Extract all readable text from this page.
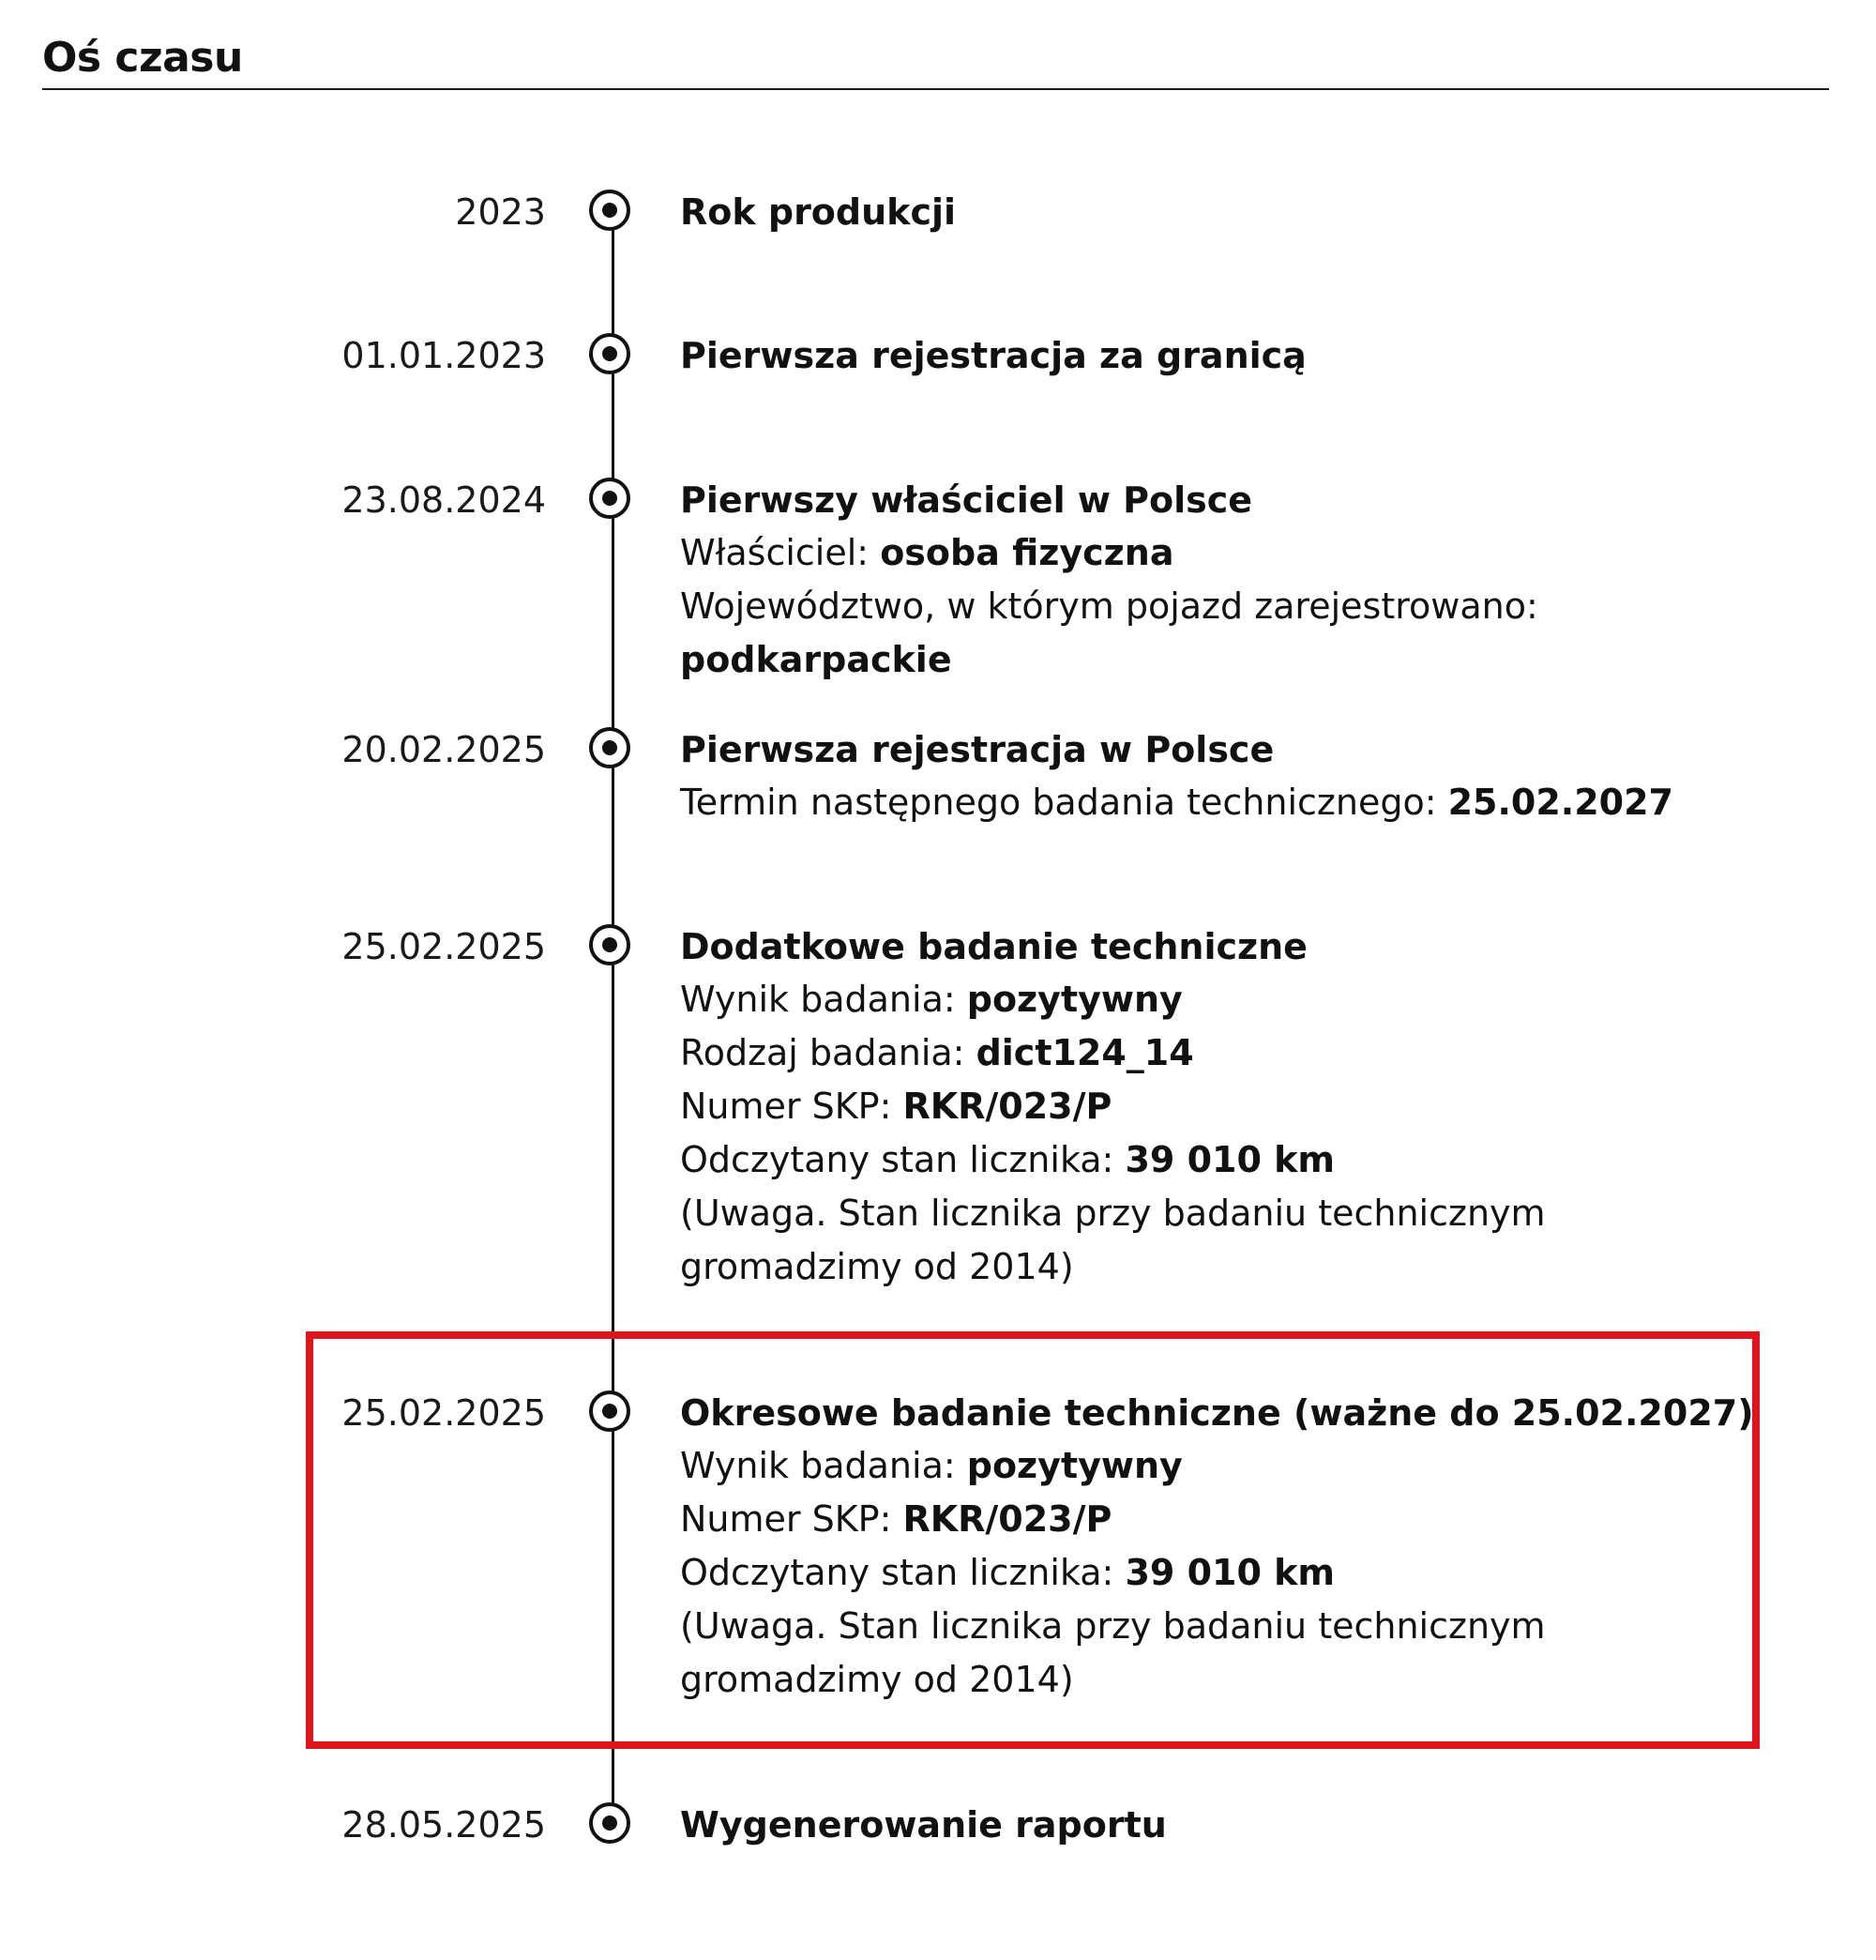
Oś czasu
2023	Rok produkcji

01.01.2023	Pierwsza rejestracja za granicą

23.08.2024	Pierwszy właściciel w Polsce

Właściciel: osoba fizyczna

Województwo, w którym pojazd zarejestrowano: podkarpackie

20.02.2025	Pierwsza rejestracja w Polsce

Termin następnego badania technicznego: 25.02.2027

25.02.2025	Dodatkowe badanie techniczne

Wynik badania: pozytywny

Rodzaj badania: dict124_14

Numer SKP: RKR/023/P

Odczytany stan licznika: 39 010 km

(Uwaga. Stan licznika przy badaniu technicznym gromadzimy od 2014)

25.02.2025	Okresowe badanie techniczne (ważne do 25.02.2027)

Wynik badania: pozytywny

Numer SKP: RKR/023/P

Odczytany stan licznika: 39 010 km

(Uwaga. Stan licznika przy badaniu technicznym gromadzimy od 2014)

28.05.2025	Wygenerowanie raportu
